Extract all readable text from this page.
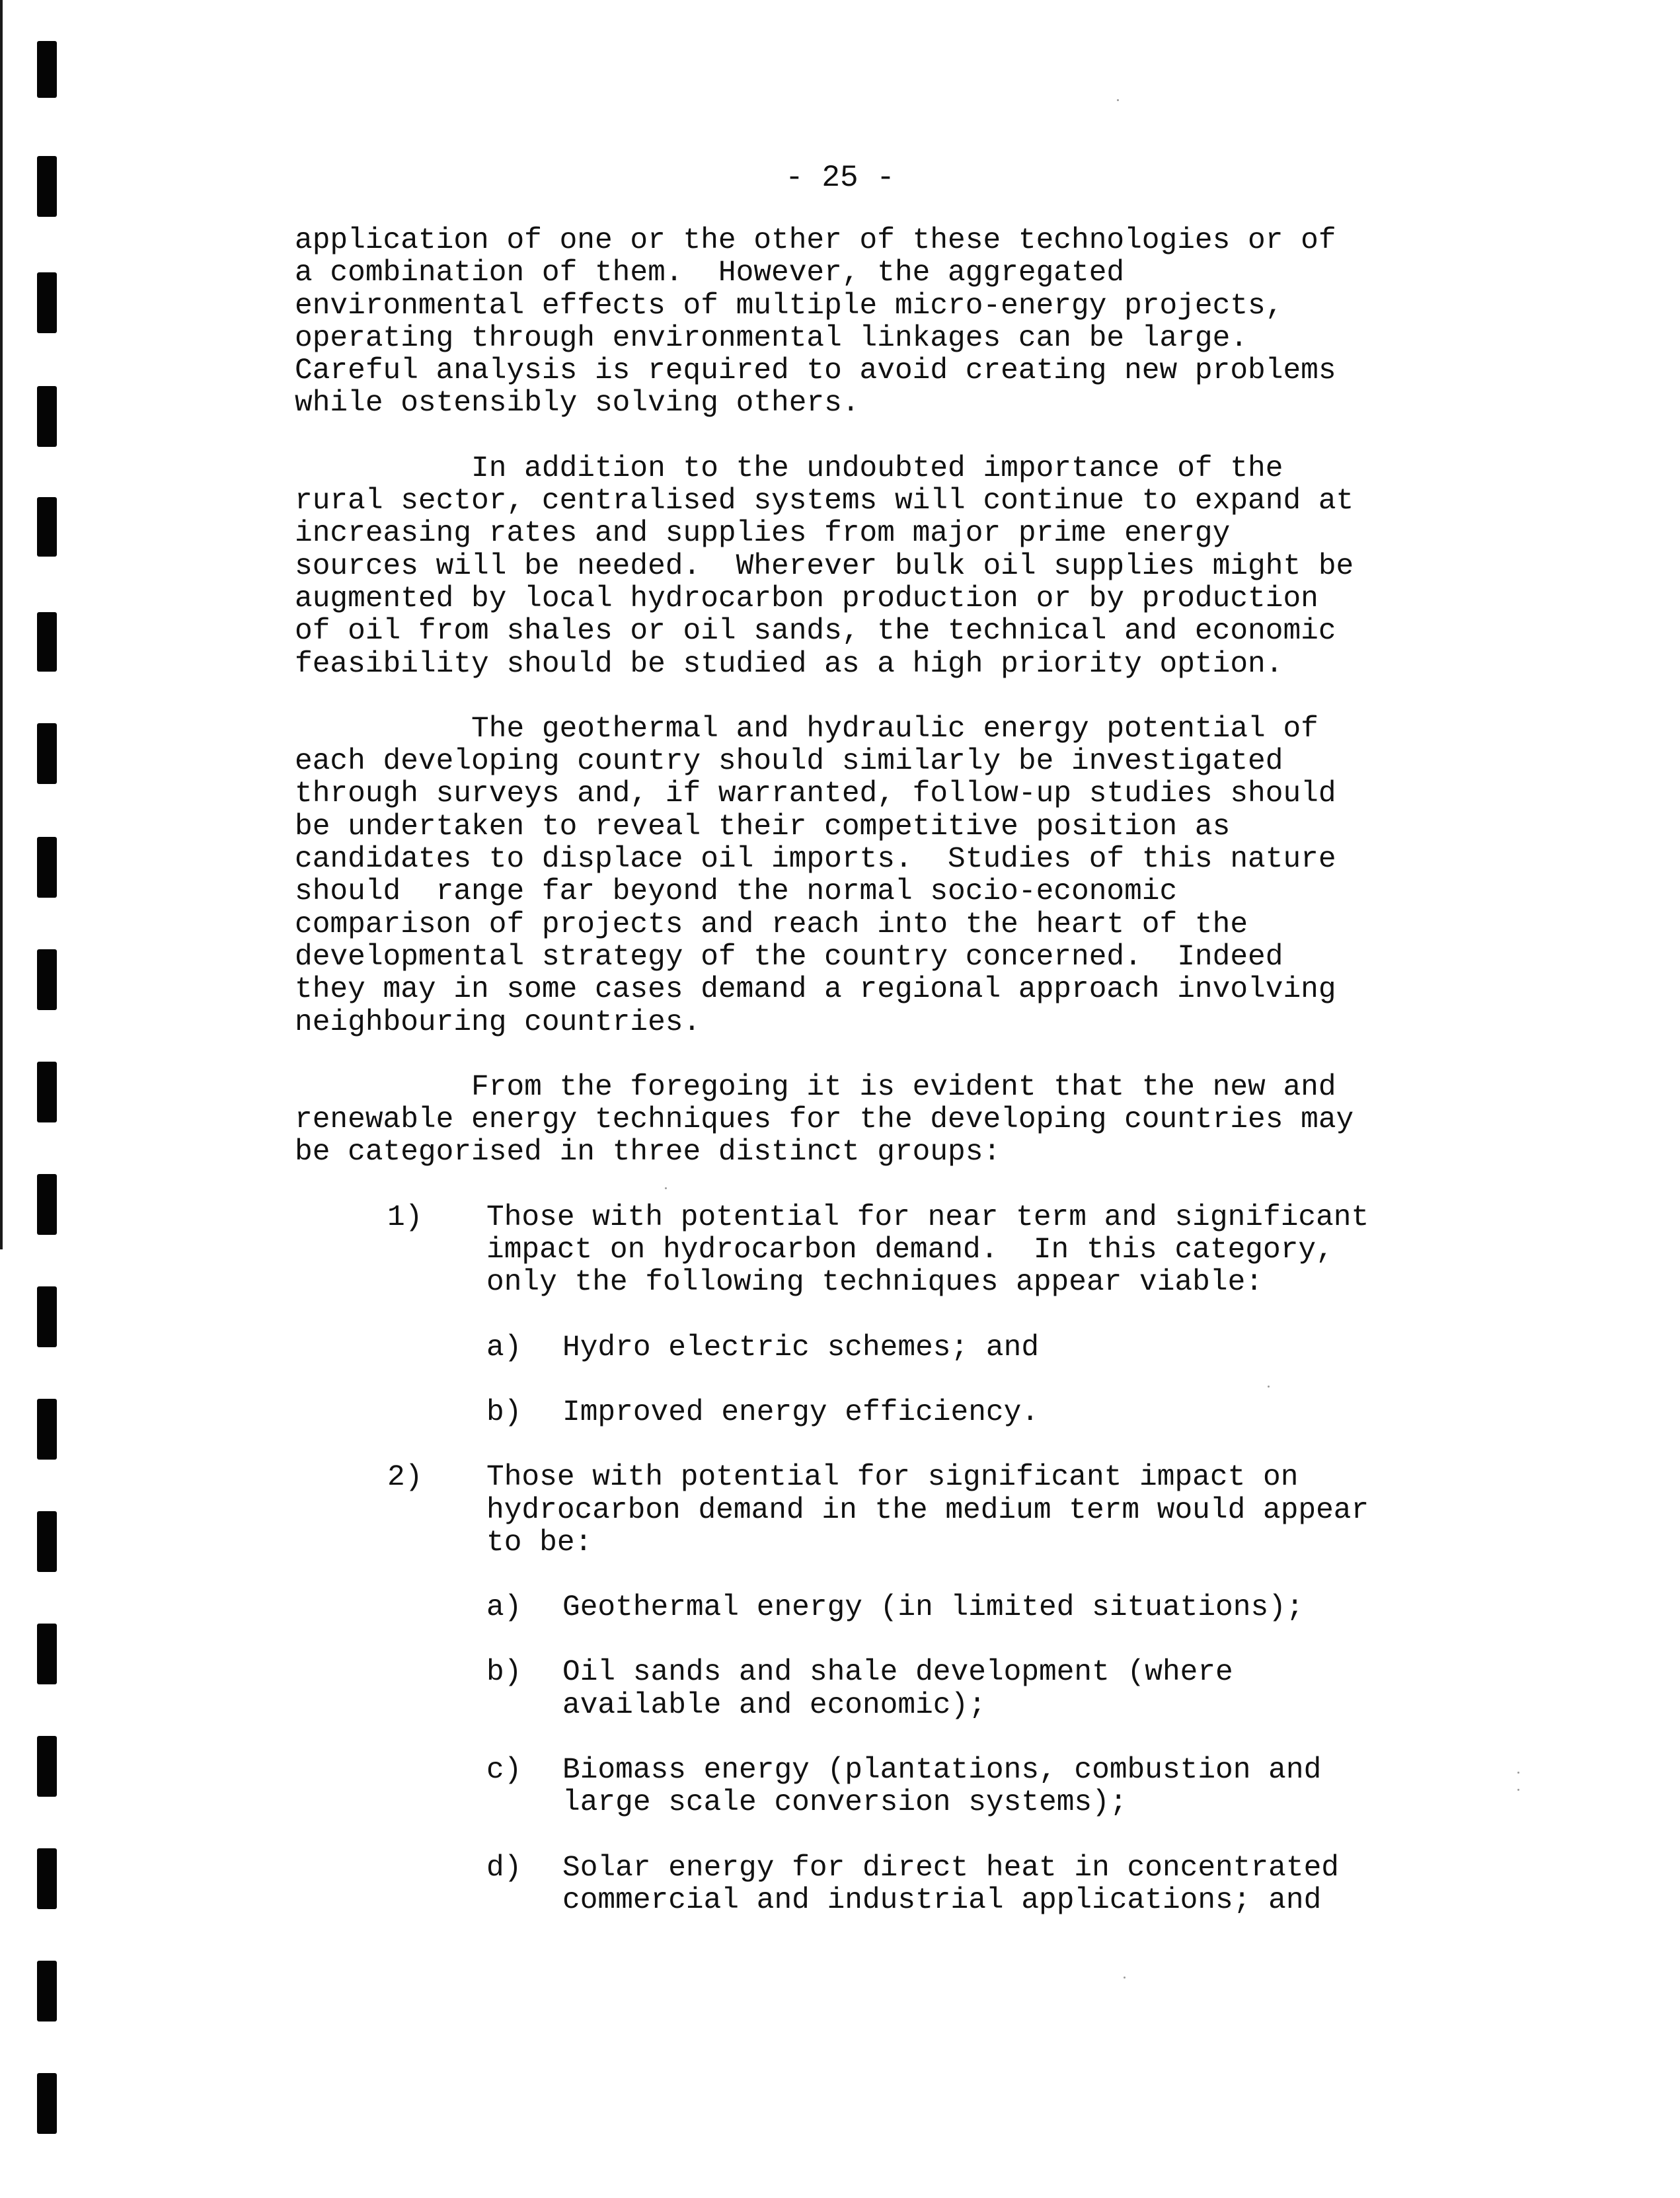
- 25 -

application of one or the other of these technologies or of
a combination of them.  However, the aggregated
environmental effects of multiple micro-energy projects,
operating through environmental linkages can be large.
Careful analysis is required to avoid creating new problems
while ostensibly solving others.

In addition to the undoubted importance of the
rural sector, centralised systems will continue to expand at
increasing rates and supplies from major prime energy
sources will be needed.  Wherever bulk oil supplies might be
augmented by local hydrocarbon production or by production
of oil from shales or oil sands, the technical and economic
feasibility should be studied as a high priority option.

The geothermal and hydraulic energy potential of
each developing country should similarly be investigated
through surveys and, if warranted, follow-up studies should
be undertaken to reveal their competitive position as
candidates to displace oil imports.  Studies of this nature
should  range far beyond the normal socio-economic
comparison of projects and reach into the heart of the
developmental strategy of the country concerned.  Indeed
they may in some cases demand a regional approach involving
neighbouring countries.

From the foregoing it is evident that the new and
renewable energy techniques for the developing countries may
be categorised in three distinct groups:

1)	Those with potential for near term and significant
impact on hydrocarbon demand.  In this category,
only the following techniques appear viable:
a)	Hydro electric schemes; and
b)	Improved energy efficiency.
2)	Those with potential for significant impact on
hydrocarbon demand in the medium term would appear
to be:
a)	Geothermal energy (in limited situations);
b)	Oil sands and shale development (where
available and economic);
c)	Biomass energy (plantations, combustion and
large scale conversion systems);
d)	Solar energy for direct heat in concentrated
commercial and industrial applications; and
